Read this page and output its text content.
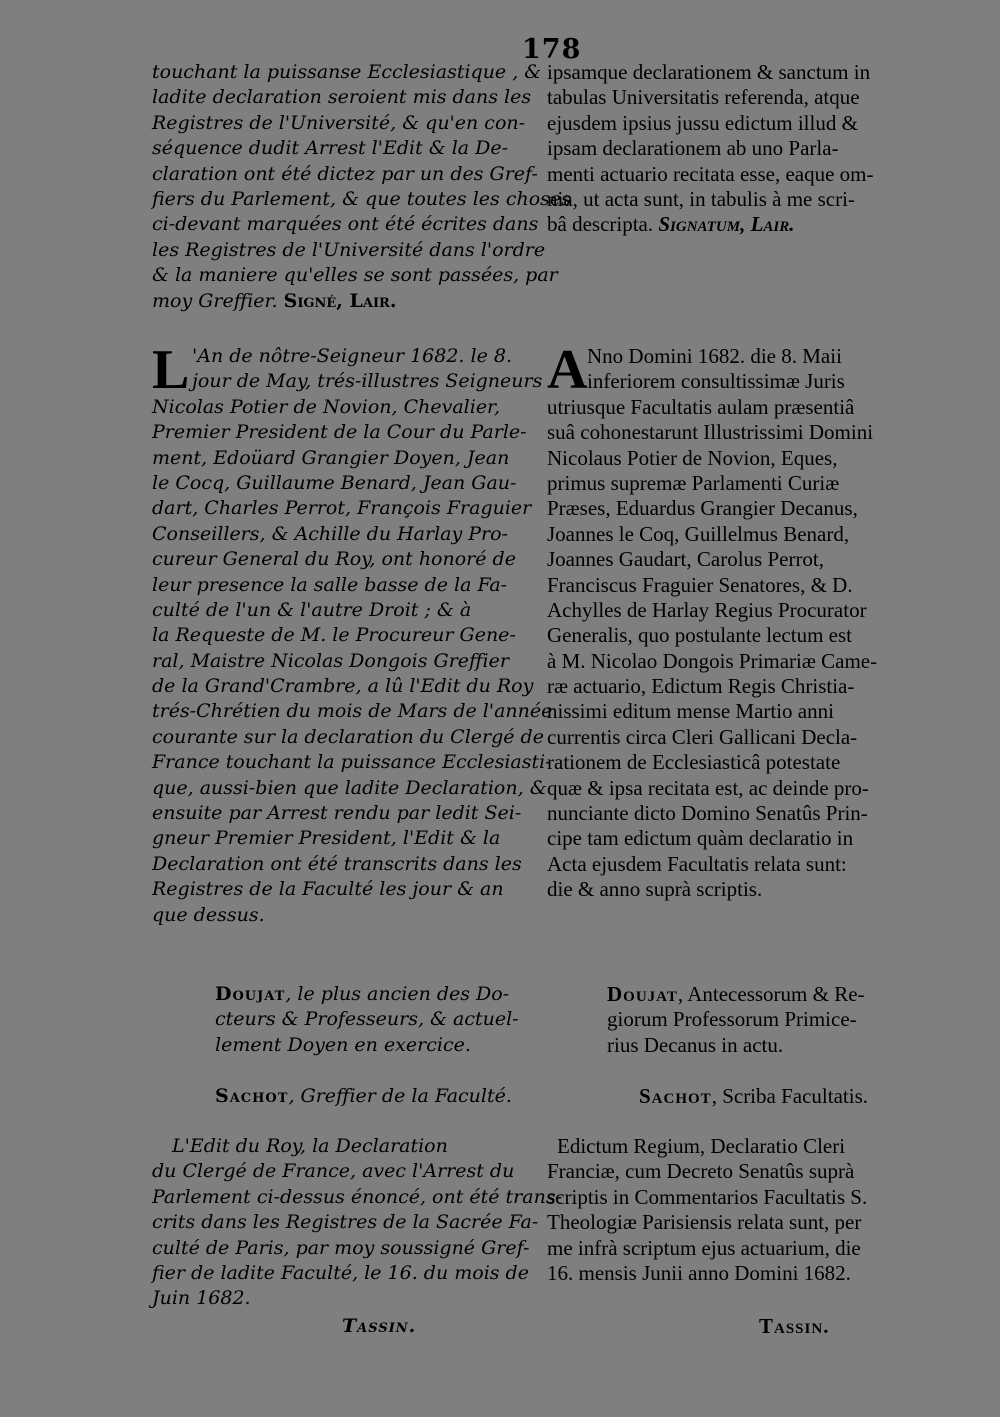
178
touchant la puissanse Ecclesiastique , &
ladite declaration seroient mis dans les
Registres de l'Université, & qu'en con-
séquence dudit Arrest l'Edit & la De-
claration ont été dictez par un des Gref-
fiers du Parlement, & que toutes les choses
ci-devant marquées ont été écrites dans
les Registres de l'Université dans l'ordre
& la maniere qu'elles se sont passées, par
moy Greffier. Signé, Lair.
L 'An de nôtre-Seigneur 1682. le 8.
jour de May, trés-illustres Seigneurs
Nicolas Potier de Novion, Chevalier,
Premier President de la Cour du Parle-
ment, Edoüard Grangier Doyen, Jean
le Cocq, Guillaume Benard, Jean Gau-
dart, Charles Perrot, François Fraguier
Conseillers, & Achille du Harlay Pro-
cureur General du Roy, ont honoré de
leur presence la salle basse de la Fa-
culté de l'un & l'autre Droit ; & à
la Requeste de M. le Procureur Gene-
ral, Maistre Nicolas Dongois Greffier
de la Grand'Crambre, a lû l'Edit du Roy
trés-Chrétien du mois de Mars de l'année
courante sur la declaration du Clergé de
France touchant la puissance Ecclesiasti-
que, aussi-bien que ladite Declaration, &
ensuite par Arrest rendu par ledit Sei-
gneur Premier President, l'Edit & la
Declaration ont été transcrits dans les
Registres de la Faculté les jour & an
que dessus.
Doujat, le plus ancien des Do-
cteurs & Professeurs, & actuel-
lement Doyen en exercice.
Sachot, Greffier de la Faculté.
L'Edit du Roy, la Declaration
du Clergé de France, avec l'Arrest du
Parlement ci-dessus énoncé, ont été trans-
crits dans les Registres de la Sacrée Fa-
culté de Paris, par moy soussigné Gref-
fier de ladite Faculté, le 16. du mois de
Juin 1682.
Tassin.
ipsamque declarationem & sanctum in
tabulas Universitatis referenda, atque
ejusdem ipsius jussu edictum illud &
ipsam declarationem ab uno Parla-
menti actuario recitata esse, eaque om-
nia, ut acta sunt, in tabulis à me scri-
bâ descripta. Signatum, Lair.
A Nno Domini 1682. die 8. Maii
inferiorem consultissimæ Juris
utriusque Facultatis aulam præsentiâ
suâ cohonestarunt Illustrissimi Domini
Nicolaus Potier de Novion, Eques,
primus supremæ Parlamenti Curiæ
Præses, Eduardus Grangier Decanus,
Joannes le Coq, Guillelmus Benard,
Joannes Gaudart, Carolus Perrot,
Franciscus Fraguier Senatores, & D.
Achylles de Harlay Regius Procurator
Generalis, quo postulante lectum est
à M. Nicolao Dongois Primariæ Came-
ræ actuario, Edictum Regis Christia-
nissimi editum mense Martio anni
currentis circa Cleri Gallicani Decla-
rationem de Ecclesiasticâ potestate
quæ & ipsa recitata est, ac deinde pro-
nunciante dicto Domino Senatûs Prin-
cipe tam edictum quàm declaratio in
Acta ejusdem Facultatis relata sunt:
die & anno suprà scriptis.
Doujat, Antecessorum & Re-
giorum Professorum Primice-
rius Decanus in actu.
Sachot, Scriba Facultatis.
Edictum Regium, Declaratio Cleri
Franciæ, cum Decreto Senatûs suprà
scriptis in Commentarios Facultatis S.
Theologiæ Parisiensis relata sunt, per
me infrà scriptum ejus actuarium, die
16. mensis Junii anno Domini 1682.
Tassin.
